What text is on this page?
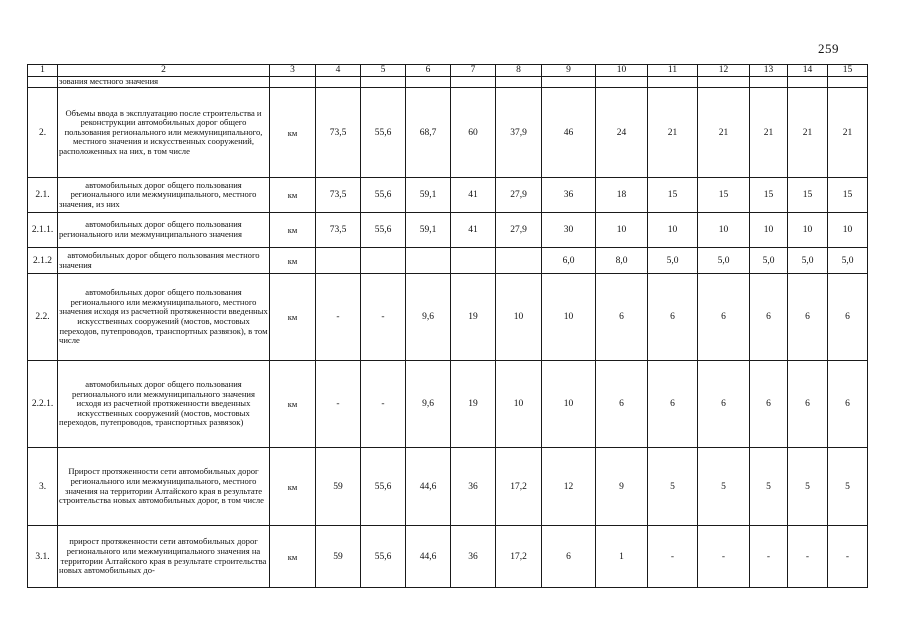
259
1	2	3	4	5	6	7	8	9	10	11	12	13	14	15
	зования местного значения													
2.	Объемы ввода в эксплуатацию после строительства и реконструкции автомобильных дорог общего пользования регионального или межмуниципального, местного значения и искусственных сооружений, расположенных на них, в том числе	км	73,5	55,6	68,7	60	37,9	46	24	21	21	21	21	21
2.1.	автомобильных дорог общего пользования регионального или межмуниципального, местного значения, из них	км	73,5	55,6	59,1	41	27,9	36	18	15	15	15	15	15
2.1.1.	автомобильных дорог общего пользования регионального или межмуниципального значения	км	73,5	55,6	59,1	41	27,9	30	10	10	10	10	10	10
2.1.2	автомобильных дорог общего пользования местного значения	км						6,0	8,0	5,0	5,0	5,0	5,0	5,0
2.2.	автомобильных дорог общего пользования регионального или межмуниципального, местного значения исходя из расчетной протяженности введенных искусственных сооружений (мостов, мостовых переходов, путепроводов, транспортных развязок), в том числе	км	-	-	9,6	19	10	10	6	6	6	6	6	6
2.2.1.	автомобильных дорог общего пользования регионального или межмуниципального значения исходя из расчетной протяженности введенных искусственных сооружений (мостов, мостовых переходов, путепроводов, транспортных развязок)	км	-	-	9,6	19	10	10	6	6	6	6	6	6
3.	Прирост протяженности сети автомобильных дорог регионального или межмуниципального, местного значения на территории Алтайского края в результате строительства новых автомобильных дорог, в том числе	км	59	55,6	44,6	36	17,2	12	9	5	5	5	5	5
3.1.	прирост протяженности сети автомобильных дорог регионального или межмуниципального значения на территории Алтайского края в результате строительства новых автомобильных до-	км	59	55,6	44,6	36	17,2	6	1	-	-	-	-	-
